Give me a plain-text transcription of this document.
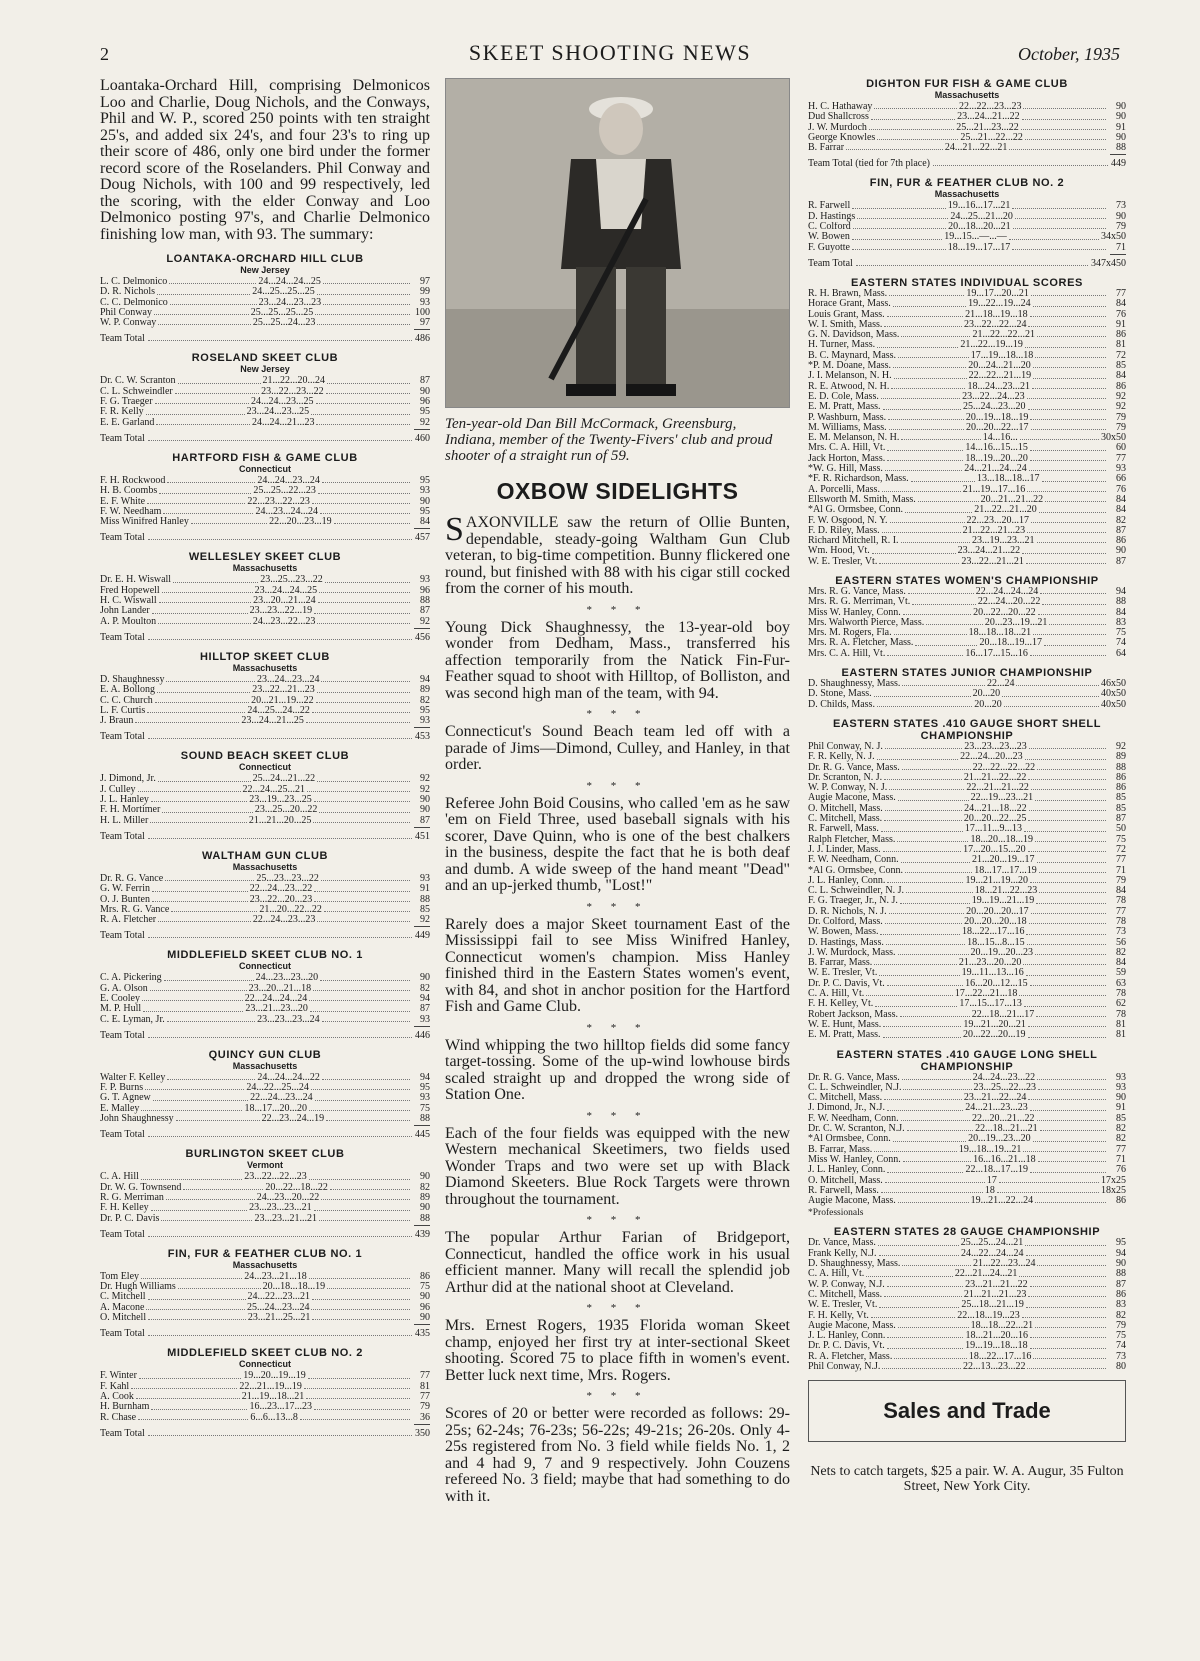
2	SKEET SHOOTING NEWS	October, 1935

Loantaka-Orchard Hill, comprising Delmonicos Loo and Charlie, Doug Nichols, and the Conways, Phil and W. P., scored 250 points with ten straight 25's, and added six 24's, and four 23's to ring up their score of 486, only one bird under the former record score of the Roselanders. Phil Conway and Doug Nichols, with 100 and 99 respectively, led the scoring, with the elder Conway and Loo Delmonico posting 97's, and Charlie Delmonico finishing low man, with 93. The summary:

LOANTAKA-ORCHARD HILL CLUB
New Jersey
L. C. Delmonico	24...24...24...25	97
D. R. Nichols	24...25...25...25	99
C. C. Delmonico	23...24...23...23	93
Phil Conway	25...25...25...25	100
W. P. Conway	25...25...24...23	97
Team Total	486
ROSELAND SKEET CLUB
New Jersey
Dr. C. W. Scranton	21...22...20...24	87
C. L. Schweindler	23...22...23...22	90
F. G. Traeger	24...24...23...25	96
F. R. Kelly	23...24...23...25	95
E. E. Garland	24...24...21...23	92
Team Total	460
HARTFORD FISH & GAME CLUB
Connecticut
F. H. Rockwood	24...24...23...24	95
H. B. Coombs	25...25...22...23	93
E. F. White	22...23...22...23	90
F. W. Needham	24...23...24...24	95
Miss Winifred Hanley	22...20...23...19	84
Team Total	457
WELLESLEY SKEET CLUB
Massachusetts
Dr. E. H. Wiswall	23...25...23...22	93
Fred Hopewell	23...24...24...25	96
H. C. Wiswall	23...20...21...24	88
John Lander	23...23...22...19	87
A. P. Moulton	24...23...22...23	92
Team Total	456
HILLTOP SKEET CLUB
Massachusetts
D. Shaughnessy	23...24...23...24	94
E. A. Bollong	23...22...21...23	89
C. C. Church	20...21...19...22	82
L. F. Curtis	24...25...24...22	95
J. Braun	23...24...21...25	93
Team Total	453
SOUND BEACH SKEET CLUB
Connecticut
J. Dimond, Jr.	25...24...21...22	92
J. Culley	22...24...25...21	92
J. L. Hanley	23...19...23...25	90
F. H. Mortimer	23...25...20...22	90
H. L. Miller	21...21...20...25	87
Team Total	451
WALTHAM GUN CLUB
Massachusetts
Dr. R. G. Vance	25...23...23...22	93
G. W. Ferrin	22...24...23...22	91
O. J. Bunten	23...22...20...23	88
Mrs. R. G. Vance	21...20...22...22	85
R. A. Fletcher	22...24...23...23	92
Team Total	449
MIDDLEFIELD SKEET CLUB NO. 1
Connecticut
C. A. Pickering	24...23...23...20	90
G. A. Olson	23...20...21...18	82
E. Cooley	22...24...24...24	94
M. P. Hull	23...21...23...20	87
C. E. Lyman, Jr.	23...23...23...24	93
Team Total	446
QUINCY GUN CLUB
Massachusetts
Walter F. Kelley	24...24...24...22	94
F. P. Burns	24...22...25...24	95
G. T. Agnew	22...24...23...24	93
E. Malley	18...17...20...20	75
John Shaughnessy	22...23...24...19	88
Team Total	445
BURLINGTON SKEET CLUB
Vermont
C. A. Hill	23...22...22...23	90
Dr. W. G. Townsend	20...22...18...22	82
R. G. Merriman	24...23...20...22	89
F. H. Kelley	23...23...23...21	90
Dr. P. C. Davis	23...23...21...21	88
Team Total	439
FIN, FUR & FEATHER CLUB NO. 1
Massachusetts
Tom Eley	24...23...21...18	86
Dr. Hugh Williams	20...18...18...19	75
C. Mitchell	24...22...23...21	90
A. Macone	25...24...23...24	96
O. Mitchell	23...21...25...21	90
Team Total	435
MIDDLEFIELD SKEET CLUB NO. 2
Connecticut
F. Winter	19...20...19...19	77
F. Kahl	22...21...19...19	81
A. Cook	21...19...18...21	77
H. Burnham	16...23...17...23	79
R. Chase	6...6...13...8	36
Team Total	350

Ten-year-old Dan Bill McCormack, Greensburg, Indiana, member of the Twenty-Fivers' club and proud shooter of a straight run of 59.

OXBOW SIDELIGHTS

SAXONVILLE saw the return of Ollie Bunten, dependable, steady-going Waltham Gun Club veteran, to big-time competition. Bunny flickered one round, but finished with 88 with his cigar still cocked from the corner of his mouth.

* * *

Young Dick Shaughnessy, the 13-year-old boy wonder from Dedham, Mass., transferred his affection temporarily from the Natick Fin-Fur-Feather squad to shoot with Hilltop, of Bolliston, and was second high man of the team, with 94.

* * *

Connecticut's Sound Beach team led off with a parade of Jims—Dimond, Culley, and Hanley, in that order.

* * *

Referee John Boid Cousins, who called 'em as he saw 'em on Field Three, used baseball signals with his scorer, Dave Quinn, who is one of the best chalkers in the business, despite the fact that he is both deaf and dumb. A wide sweep of the hand meant "Dead" and an up-jerked thumb, "Lost!"

* * *

Rarely does a major Skeet tournament East of the Mississippi fail to see Miss Winifred Hanley, Connecticut women's champion. Miss Hanley finished third in the Eastern States women's event, with 84, and shot in anchor position for the Hartford Fish and Game Club.

* * *

Wind whipping the two hilltop fields did some fancy target-tossing. Some of the up-wind lowhouse birds scaled straight up and dropped the wrong side of Station One.

* * *

Each of the four fields was equipped with the new Western mechanical Skeetimers, two fields used Wonder Traps and two were set up with Black Diamond Skeeters. Blue Rock Targets were thrown throughout the tournament.

* * *

The popular Arthur Farian of Bridgeport, Connecticut, handled the office work in his usual efficient manner. Many will recall the splendid job Arthur did at the national shoot at Cleveland.

* * *

Mrs. Ernest Rogers, 1935 Florida woman Skeet champ, enjoyed her first try at inter-sectional Skeet shooting. Scored 75 to place fifth in women's event. Better luck next time, Mrs. Rogers.

* * *

Scores of 20 or better were recorded as follows: 29-25s; 62-24s; 76-23s; 56-22s; 49-21s; 26-20s. Only 4-25s registered from No. 3 field while fields No. 1, 2 and 4 had 9, 7 and 9 respectively. John Couzens refereed No. 3 field; maybe that had something to do with it.

DIGHTON FUR FISH & GAME CLUB
Massachusetts
H. C. Hathaway	22...22...23...23	90
Dud Shallcross	23...24...21...22	90
J. W. Murdoch	25...21...23...22	91
George Knowles	25...21...22...22	90
B. Farrar	24...21...22...21	88
Team Total (tied for 7th place)	449
FIN, FUR & FEATHER CLUB NO. 2
Massachusetts
R. Farwell	19...16...17...21	73
D. Hastings	24...25...21...20	90
C. Colford	20...18...20...21	79
W. Bowen	19...15...—...—	34x50
F. Guyotte	18...19...17...17	71
Team Total	347x450
EASTERN STATES INDIVIDUAL SCORES
R. H. Brawn, Mass.	19...17...20...21	77
Horace Grant, Mass.	19...22...19...24	84
Louis Grant, Mass.	21...18...19...18	76
W. I. Smith, Mass.	23...22...22...24	91
G. N. Davidson, Mass.	21...22...22...21	86
H. Turner, Mass.	21...22...19...19	81
B. C. Maynard, Mass.	17...19...18...18	72
*P. M. Doane, Mass.	20...24...21...20	85
J. I. Melanson, N. H.	22...22...21...19	84
R. E. Atwood, N. H.	18...24...23...21	86
E. D. Cole, Mass.	23...22...24...23	92
E. M. Pratt, Mass.	25...24...23...20	92
P. Washburn, Mass.	20...19...18...19	79
M. Williams, Mass.	20...20...22...17	79
E. M. Melanson, N. H.	14...16...	30x50
Mrs. C. A. Hill, Vt.	14...16...15...15	60
Jack Horton, Mass.	18...19...20...20	77
*W. G. Hill, Mass.	24...21...24...24	93
*F. R. Richardson, Mass.	13...18...18...17	66
A. Porcelli, Mass.	21...19...17...16	76
Ellsworth M. Smith, Mass.	20...21...21...22	84
*Al G. Ormsbee, Conn.	21...22...21...20	84
F. W. Osgood, N. Y.	22...23...20...17	82
F. D. Riley, Mass.	21...22...21...23	87
Richard Mitchell, R. I.	23...19...23...21	86
Wm. Hood, Vt.	23...24...21...22	90
W. E. Tresler, Vt.	23...22...21...21	87
EASTERN STATES WOMEN'S CHAMPIONSHIP
Mrs. R. G. Vance, Mass.	22...24...24...24	94
Mrs. R. G. Merriman, Vt.	22...24...20...22	88
Miss W. Hanley, Conn.	20...22...20...22	84
Mrs. Walworth Pierce, Mass.	20...23...19...21	83
Mrs. M. Rogers, Fla.	18...18...18...21	75
Mrs. R. A. Fletcher, Mass.	20...18...19...17	74
Mrs. C. A. Hill, Vt.	16...17...15...16	64
EASTERN STATES JUNIOR CHAMPIONSHIP
D. Shaughnessy, Mass.	22...24	46x50
D. Stone, Mass.	20...20	40x50
D. Childs, Mass.	20...20	40x50
EASTERN STATES .410 GAUGE SHORT SHELL CHAMPIONSHIP
Phil Conway, N. J.	23...23...23...23	92
F. R. Kelly, N. J.	22...24...20...23	89
Dr. R. G. Vance, Mass.	22...22...22...22	88
Dr. Scranton, N. J.	21...21...22...22	86
W. P. Conway, N. J.	22...21...21...22	86
Augie Macone, Mass.	22...19...23...21	85
O. Mitchell, Mass.	24...21...18...22	85
C. Mitchell, Mass.	20...20...22...25	87
R. Farwell, Mass.	17...11...9...13	50
Ralph Fletcher, Mass.	18...20...18...19	75
J. J. Linder, Mass.	17...20...15...20	72
F. W. Needham, Conn.	21...20...19...17	77
*Al G. Ormsbee, Conn.	18...17...17...19	71
J. L. Hanley, Conn.	19...21...19...20	79
C. L. Schweindler, N. J.	18...21...22...23	84
F. G. Traeger, Jr., N. J.	19...19...21...19	78
D. R. Nichols, N. J.	20...20...20...17	77
Dr. Colford, Mass.	20...20...20...18	78
W. Bowen, Mass.	18...22...17...16	73
D. Hastings, Mass.	18...15...8...15	56
J. W. Murdock, Mass.	20...19...20...23	82
B. Farrar, Mass.	21...23...20...20	84
W. E. Tresler, Vt.	19...11...13...16	59
Dr. P. C. Davis, Vt.	16...20...12...15	63
C. A. Hill, Vt.	17...22...21...18	78
F. H. Kelley, Vt.	17...15...17...13	62
Robert Jackson, Mass.	22...18...21...17	78
W. E. Hunt, Mass.	19...21...20...21	81
E. M. Pratt, Mass.	20...22...20...19	81
EASTERN STATES .410 GAUGE LONG SHELL CHAMPIONSHIP
Dr. R. G. Vance, Mass.	24...24...23...22	93
C. L. Schweindler, N.J.	23...25...22...23	93
C. Mitchell, Mass.	23...21...22...24	90
J. Dimond, Jr., N.J.	24...21...23...23	91
F. W. Needham, Conn.	22...20...21...22	85
Dr. C. W. Scranton, N.J.	22...18...21...21	82
*Al Ormsbee, Conn.	20...19...23...20	82
B. Farrar, Mass.	19...18...19...21	77
Miss W. Hanley, Conn.	16...16...21...18	71
J. L. Hanley, Conn.	22...18...17...19	76
O. Mitchell, Mass.	17	17x25
R. Farwell, Mass.	18	18x25
Augie Macone, Mass.	19...21...22...24	86
*Professionals
EASTERN STATES 28 GAUGE CHAMPIONSHIP
Dr. Vance, Mass.	25...25...24...21	95
Frank Kelly, N.J.	24...22...24...24	94
D. Shaughnessy, Mass.	21...22...23...24	90
C. A. Hill, Vt.	22...21...24...21	88
W. P. Conway, N.J.	23...21...21...22	87
C. Mitchell, Mass.	21...21...21...23	86
W. E. Tresler, Vt.	25...18...21...19	83
F. H. Kelly, Vt.	22...18...19...23	82
Augie Macone, Mass.	18...18...22...21	79
J. L. Hanley, Conn.	18...21...20...16	75
Dr. P. C. Davis, Vt.	19...19...18...18	74
R. A. Fletcher, Mass.	18...22...17...16	73
Phil Conway, N.J.	22...13...23...22	80
Sales and Trade

Nets to catch targets, $25 a pair. W. A. Augur, 35 Fulton Street, New York City.
